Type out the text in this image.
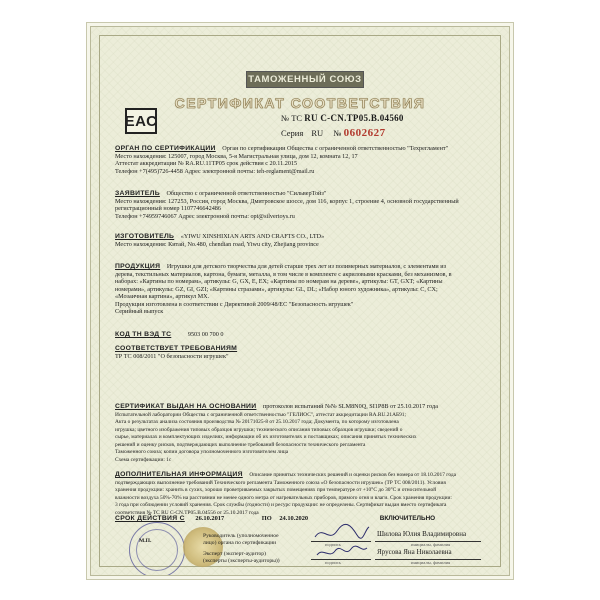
ТАМОЖЕННЫЙ СОЮЗ
СЕРТИФИКАТ СООТВЕТСТВИЯ
ЕАС	№ ТС RU C-CN.ТР05.В.04560
Серия RU № 0602627
ОРГАН ПО СЕРТИФИКАЦИИ Орган по сертификации Общества с ограниченной ответственностью "Техрегламент"
Место нахождения: 125007, город Москва, 5-я Магистральная улица, дом 12, комната 12, 17
Аттестат аккредитации № RA.RU.11ТР05 срок действия с 20.11.2015
Телефон +7(495)726-4458 Адрес электронной почты: teh-reglament@mail.ru
ЗАЯВИТЕЛЬ Общество с ограниченной ответственностью "СильверТойз"
Место нахождения: 127253, Россия, город Москва, Дмитровское шоссе, дом 116, корпус 1, строение 4, основной государственный
регистрационный номер 1107746642486
Телефон +74959746067 Адрес электронной почты: opt@silvertoys.ru
ИЗГОТОВИТЕЛЬ «YIWU XINSHIXIAN ARTS AND CRAFTS CO., LTD»
Место нахождения: Китай, No.480, chendian road, Yiwu city, Zhejiang province
ПРОДУКЦИЯ Игрушки для детского творчества для детей старше трех лет из полимерных материалов, с элементами из
дерева, текстильных материалов, картона, бумаги, металла, в том числе в комплекте с акриловыми красками, без механизмов, в
наборах: «Картины по номерам», артикулы: G, GX, E, EX; «Картины по номерам на дереве», артикулы: GT, GXT; «Картины
номерами», артикулы: GZ, GI, GZI; «Картины стразами», артикулы: GL, DL; «Набор юного художника», артикулы: C, CX;
«Мозаичная картина», артикул MX.
Продукция изготовлена в соответствии с Директивой 2009/48/ЕС "Безопасность игрушек"
Серийный выпуск
КОД ТН ВЭД ТС	9503 00 700 0
СООТВЕТСТВУЕТ ТРЕБОВАНИЯМ
ТР ТС 008/2011 "О безопасности игрушек"
СЕРТИФИКАТ ВЫДАН НА ОСНОВАНИИ протоколов испытаний №№ SLM8N0Q, SI1P8B от 25.10.2017 года
Испытательной лаборатории Общества с ограниченной ответственностью "ГЕЛИОС", аттестат аккредитации RA.RU.21АБ91;
Акта о результатах анализа состояния производства № 20171025-8 от 25.10.2017 года; Документа, по которому изготовлена
игрушка; цветного изображения типовых образцов игрушки; технического описания типовых образцов игрушки; сведений о
сырье, материалах и комплектующих изделиях, информации об их изготовителях и поставщиках; описания принятых технических
решений и оценку рисков, подтверждающих выполнение требований безопасности технического регламента
Таможенного союза; копии договора уполномоченного изготовителем лица
Схема сертификации: 1с
ДОПОЛНИТЕЛЬНАЯ ИНФОРМАЦИЯ Описание принятых технических решений и оценки рисков без номера от 18.10.2017 года
подтверждающих выполнение требований Технического регламента Таможенного союза «О безопасности игрушек» (ТР ТС 008/2011). Условия
хранения продукции: хранить в сухих, хорошо проветриваемых закрытых помещениях при температуре от +10°С до 30°С и относительной
влажности воздуха 50%-70% на расстоянии не менее одного метра от нагревательных приборов, прямого огня и влаги. Срок хранения продукции:
3 года при соблюдении условий хранения. Срок службы (годности) и ресурс продукции: не определены. Сертификат выдан вместо сертификата
соответствия № ТС RU C-CN.ТР05.В.04556 от 25.10.2017 года
СРОК ДЕЙСТВИЯ С 26.10.2017	ПО 24.10.2020	ВКЛЮЧИТЕЛЬНО
Руководитель (уполномоченное
лицо) органа по сертификации
М.П.
подпись
Шилова Юлия Владимировна
инициалы, фамилия
Эксперт (эксперт-аудитор)
(эксперты (эксперты-аудиторы))	подпись
Ярусова Яна Николаевна
инициалы, фамилия
